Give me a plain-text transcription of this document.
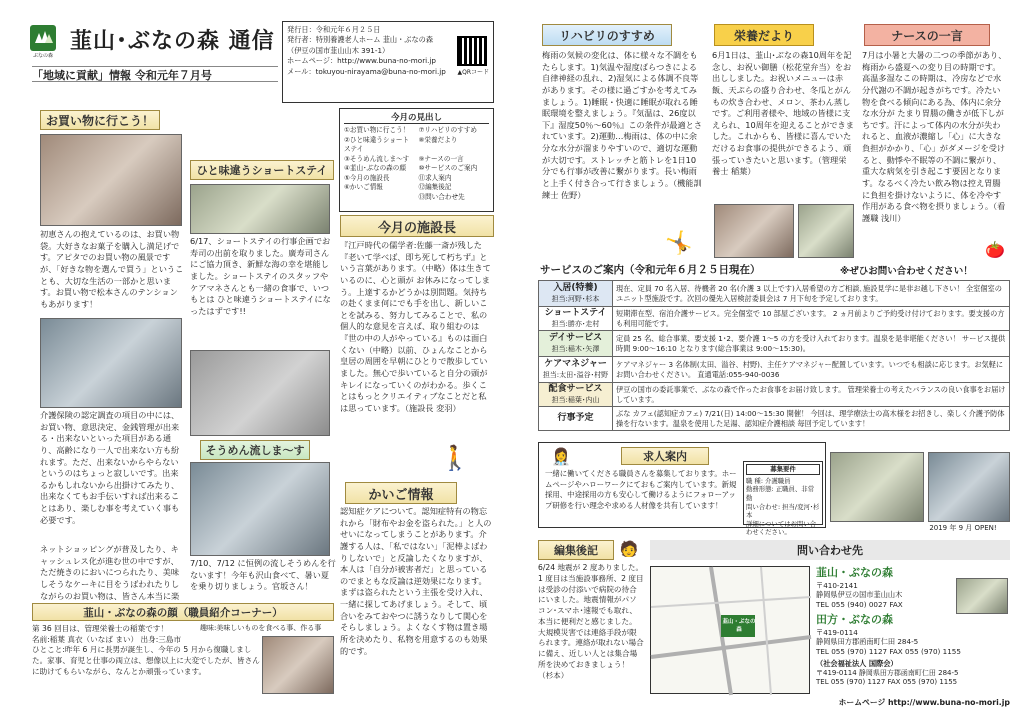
ぶなの森
韮山･ぶなの森 通信
「地域に貢献」情報 令和元年７月号
発行日：令和元年６月２５日
発行者：特別養護老人ホーム 韮山・ぶなの森
（伊豆の国市韮山山木 391-1）
ホームページ：http://www.buna-no-mori.jp
メール：tokuyou-nirayama@buna-no-mori.jp	▲QRコード
お買い物に行こう！
初恵さんの抱えているのは、お買い物袋。大好きなお菓子を購入し満足げです。アピタでのお買い物の風景ですが、「好きな物を選んで買う」ということも、大切な生活の一部かと思います。お買い物で松本さんのテンションもあがります！
介護保険の認定調査の項目の中には、お買い物、意思決定、金銭管理が出来る・出来ないといった項目がある通り、高齢になり一人で出来ない方も紛れます。ただ、出来ないからやらないというのはちょっと寂しいです。出来るかもしれないから出掛けてみたり、出来なくてもお手伝いすれば出来ることはあり、楽しむ事を考えていく事も必要です。
ネットショッピングが普及したり、キャッシュレス化が進む世の中ですが、ただ焼きのにおいにつられたり、美味しそうなケーキに目をうばわれたりしながらのお買い物は、皆さん本当に楽
今月の見出し
①お買い物に行こう！	⑦リハビリのすすめ
②ひと味違うショートステイ
⑧栄養だより
③そうめん流しま〜す	⑨ナースの一言
④韮山･ぶなの森の顔	⑩サービスのご案内
⑤今月の施設長	⑪求人案内
⑥かいご情報	⑫編集後記
⑬問い合わせ先
ひと味違うショートステイ
6/17、ショートステイの行事企画でお寿司の出前を取りました。廣寿司さんにご協力頂き、新鮮な海の幸を堪能しました。ショートステイのスタッフやケアマネさんとも一緒の食事で、いつもとは ひと味違うショートステイになったはずです!!
そうめん流しま〜す
7/10、7/12 に恒例の流しそうめんを行ないます！今年も沢山食べて、暑い夏を乗り切りましょう。官坂さん！
今月の施設長
『江戸時代の儒学者:佐藤一斎が残した『老いて学べば、即ち死して朽ちず』という言葉があります。（中略）体は生きているのに、心と頭が お休みになってしまう。上達するかどうかは別問題。気持ちの赴くまま何にでも手を出し、新しいことを試みる、努力してみることで、私の個人的な意見を言えば、取り組むのは『世の中の人がやっている』ものは面白くない（中略）以前、ひょんなことから皇居の周囲を早朝にひとりで散歩していました。無心で歩いていると自分の頭がキレイになっていくのがわかる。歩くことはもっとクリエイティブなことだと私は思っています。（施設長 変羽）
🚶
かいご情報
認知症ケアについて。認知症特有の物忘れから「財布やお金を盗られた。」と人のせいになってしまうことがあります。介護する人は、「私ではない」「泥棒よばわりしないで」と反論したくなりますが、本人は「自分が被害者だ」と思っているのでまともな反論は逆効果になります。まずは盗られたという主張を受け入れ、一緒に探してあげましょう。そして、頃合いをみておやつに誘うなりして関心をそらしましょう。よくなくす物は置き場所を決めたり、私物を用意するのも効果的です。
韮山・ぶなの森の顔（職員紹介コーナー）
第 36 回目は、管理栄養士の稲葉です！
名前:稲葉 真衣（いなば まい） 出身:三島市
ひとこと:昨年 6 月に長男が誕生し、今年の 5 月から復職しました。家事、育児と仕事の両立は、想像以上に大変でしたが、皆さんに助けてもらいながら、なんとか頑張っています。
趣味:美味しいものを食べる事、作る事
リハビリのすすめ
梅雨の気候の変化は、体に様々な不調をもたらします。1)気温や湿度ばらつきによる自律神経の乱れ、2)湿気による体調不良等があります。その様に過ごすかを考えてみましょう。1)睡眠・快適に睡眠が取れる睡眠環境を整えましょう。『気温は、26度以下』湿度50％～60％』この条件が最適とされています。2)運動…梅雨は、体の中に余分な水分が溜まりやすいので、適切な運動が大切です。ストレッチと筋トレを1日10分でも行事が改善に繋がります。長い梅雨と上手く付き合って行きましょう。（機能訓練士 佐野）
🤸
栄養だより
6月1日は、韮山･ぶなの森10周年を記念し、お祝い御膳（松花堂弁当）をお出ししました。お祝いメニューは赤飯、天ぷらの盛り合わせ、冬瓜とがんもの炊き合わせ、メロン、茶わん蒸しです。ご利用者様や、地域の皆様に支えられ、10周年を迎えることができました。これからも、皆様に喜んでいただけるお食事の提供ができるよう、頑張っていきたいと思います。（管理栄養士 稲葉）
ナースの一言
7月は小暑と大暑の二つの季節があり、梅雨から盛夏への変り目の時期です。高温多湿なこの時期は、冷房などで水分代謝の不調が起きがちです。冷たい物を食べる傾向にある為、体内に余分な水分が たまり胃腸の働きが低下しがちです。汗によって体内の水分が失われると、血液が濃縮し「心」に大きな負担がかかり、「心」がダメージを受けると、動悸や不眠等の不調に繋がり、重大な病気を引き起こす要因となります。なるべく冷たい飲み物は控え胃腸に負担を掛けないように、体を冷やす作用がある食べ物を摂りましょう。（看護職 浅川）
🍅
サービスのご案内（令和元年６月２５日現在）	※ぜひお問い合わせください！
入居(特養)
担当:河野･杉本	現在、定員 70 名入居、待機者 20 名(介護 3 以上です)入居希望の方ご相談､施設見学に是非お越し下さい！ 全室個室のユニット型施設です。次回の優先入居検討委員会は 7 月下旬を予定しております。

ショートステイ
担当:勝亦･走村	短期滞在型、宿泊介護サービス。完全個室で 10 部屋ございます。 2 ヵ月前よりご予約受け付けております。要支援の方も利用可能です。

デイサービス
担当:稲木･矢澤	定員 25 名、総合事業、要支援 1･2、要介護 1〜5 の方を受け入れております。温泉を是非堪能ください！ サービス提供時間 9:00〜16:10 となります(総合事業は 9:00〜15:30)。

ケアマネジャー
担当:太田･溢谷･村野	ケアマネジャー 3 名体制(太田、溢谷、村野)、主任ケアマネジャー配置しています。いつでも相談に応じます。お気軽にお問い合わせください。 直通電話:055-940-0036

配食サービス
担当:稲葉･内山	伊豆の国市の委託事業で、ぶなの森で作ったお食事をお届け致します。 管理栄養士の考えたバランスの良い食事をお届けしています。

行事予定	ぶな カフェ(認知症カフェ) 7/21(日) 14:00〜15:30 開催！ 今回は、理学療法士の高木様をお招きし、楽しく介護予防体操を行ないます。温泉を使用した足湯、認知症介護相談 毎回予定しています！
👩‍⚕️	求人案内
一緒に働いてくださる職員さんを募集しております。ホームページやハローワークにておもご案内しています。新規採用、中途採用の方も安心して働けるようにフォローアップ研修を行い理念や求める人材像を共有しています！
募集要件
職 種: 介護職員
勤務形態: 正職員、非常勤
問い合わせ: 担当/変河･杉本
詳細についてはお問い合わせください。
2019 年 9 月 OPEN!
編集後記	🧑
6/24 地震が 2 度ありました。1 度目は当施設事務所、2 度目は受診の付添いで病院の待合にいました。地震情報がパソコン･スマホ･速報でも取れ、本当に便利だと感じました。大規模災害では連絡手段が限られます。連絡が取れない場合に備え、近しい人とは集合場所を決めておきましょう！（杉本）
問い合わせ先
韮山・ぶなの森
韮山・ぶなの森
〒410-2141
静岡県伊豆の国市韮山山木
TEL 055 (940) 0027 FAX
田方・ぶなの森
〒419-0114
静岡県田方郡函南町仁田 284-5
TEL 055 (970) 1127 FAX 055 (970) 1155
（社会福祉法人 国際会）
〒419-0114 静岡県田方郡函南町仁田 284-5
TEL 055 (970) 1127 FAX 055 (970) 1155
ホームページ http://www.buna-no-mori.jp
